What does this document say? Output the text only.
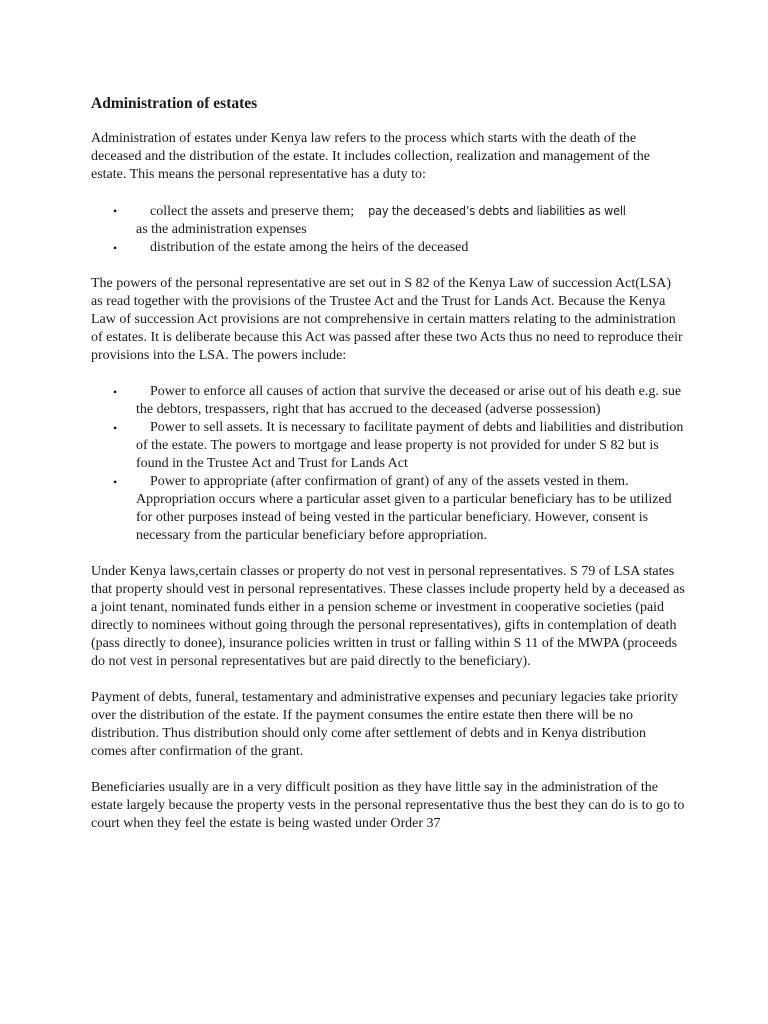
Administration of estates

Administration of estates under Kenya law refers to the process which starts with the death of the deceased and the distribution of the estate. It includes collection, realization and management of the estate. This means the personal representative has a duty to:

• collect the assets and preserve them; pay the deceased’s debts and liabilities as well
as the administration expenses
• distribution of the estate among the heirs of the deceased

The powers of the personal representative are set out in S 82 of the Kenya Law of succession Act(LSA) as read together with the provisions of the Trustee Act and the Trust for Lands Act. Because the Kenya Law of succession Act provisions are not comprehensive in certain matters relating to the administration of estates. It is deliberate because this Act was passed after these two Acts thus no need to reproduce their provisions into the LSA. The powers include:

• Power to enforce all causes of action that survive the deceased or arise out of his death e.g. sue the debtors, trespassers, right that has accrued to the deceased (adverse possession)
• Power to sell assets. It is necessary to facilitate payment of debts and liabilities and distribution of the estate. The powers to mortgage and lease property is not provided for under S 82 but is found in the Trustee Act and Trust for Lands Act
• Power to appropriate (after confirmation of grant) of any of the assets vested in them. Appropriation occurs where a particular asset given to a particular beneficiary has to be utilized for other purposes instead of being vested in the particular beneficiary. However, consent is necessary from the particular beneficiary before appropriation.

Under Kenya laws,certain classes or property do not vest in personal representatives. S 79 of LSA states that property should vest in personal representatives. These classes include property held by a deceased as a joint tenant, nominated funds either in a pension scheme or investment in cooperative societies (paid directly to nominees without going through the personal representatives), gifts in contemplation of death (pass directly to donee), insurance policies written in trust or falling within S 11 of the MWPA (proceeds do not vest in personal representatives but are paid directly to the beneficiary).

Payment of debts, funeral, testamentary and administrative expenses and pecuniary legacies take priority over the distribution of the estate. If the payment consumes the entire estate then there will be no distribution. Thus distribution should only come after settlement of debts and in Kenya distribution comes after confirmation of the grant.

Beneficiaries usually are in a very difficult position as they have little say in the administration of the estate largely because the property vests in the personal representative thus the best they can do is to go to court when they feel the estate is being wasted under Order 37
